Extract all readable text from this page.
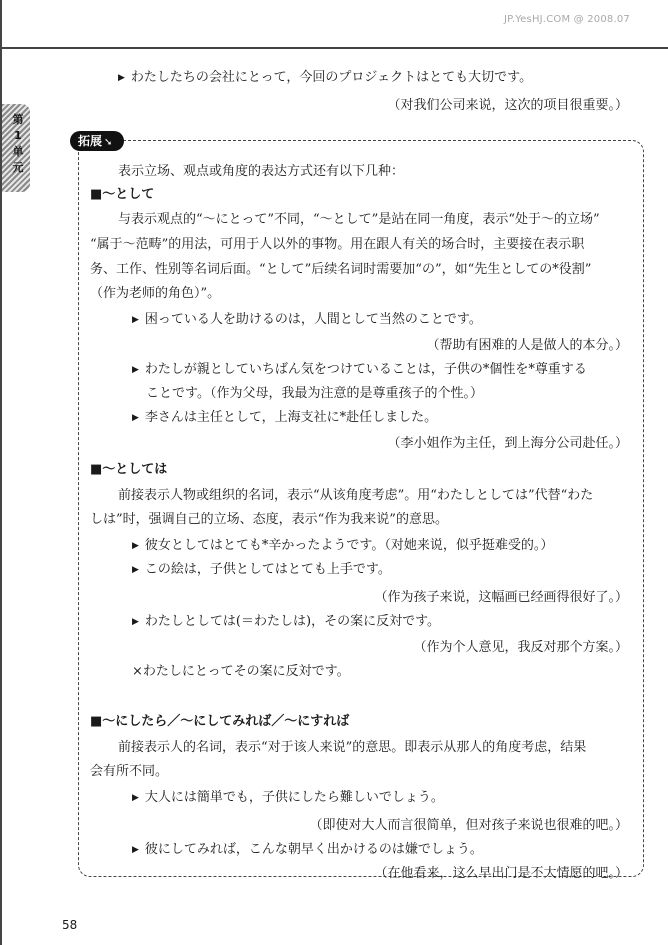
JP.YesHJ.COM @ 2008.07
第1单元
▶ わたしたちの会社にとって，今回のプロジェクトはとても大切です。
（对我们公司来说，这次的项目很重要。）
拓展 ➘
表示立场、观点或角度的表达方式还有以下几种：
■～として
与表示观点的“～にとって”不同，“～として”是站在同一角度，表示“处于～的立场”
“属于～范畴”的用法，可用于人以外的事物。用在跟人有关的场合时，主要接在表示职
务、工作、性别等名词后面。“として”后续名词时需要加“の”，如“先生としての*役割”
（作为老师的角色）”。
▶ 困っている人を助けるのは，人間として当然のことです。
（帮助有困难的人是做人的本分。）
▶ わたしが親としていちばん気をつけていることは，子供の*個性を*尊重する
ことです。（作为父母，我最为注意的是尊重孩子的个性。）
▶ 李さんは主任として，上海支社に*赴任しました。
（李小姐作为主任，到上海分公司赴任。）
■～としては
前接表示人物或组织的名词，表示“从该角度考虑”。用“わたしとしては”代替“わた
しは”时，强调自己的立场、态度，表示“作为我来说”的意思。
▶ 彼女としてはとても*辛かったようです。（对她来说，似乎挺难受的。）
▶ この絵は，子供としてはとても上手です。
（作为孩子来说，这幅画已经画得很好了。）
▶ わたしとしては(＝わたしは)，その案に反対です。
（作为个人意见，我反对那个方案。）
×わたしにとってその案に反対です。
■～にしたら／～にしてみれば／～にすれば
前接表示人的名词，表示“对于该人来说”的意思。即表示从那人的角度考虑，结果
会有所不同。
▶ 大人には簡単でも，子供にしたら難しいでしょう。
（即使对大人而言很简单，但对孩子来说也很难的吧。）
▶ 彼にしてみれば，こんな朝早く出かけるのは嫌でしょう。
（在他看来，这么早出门是不大情愿的吧。）
58
